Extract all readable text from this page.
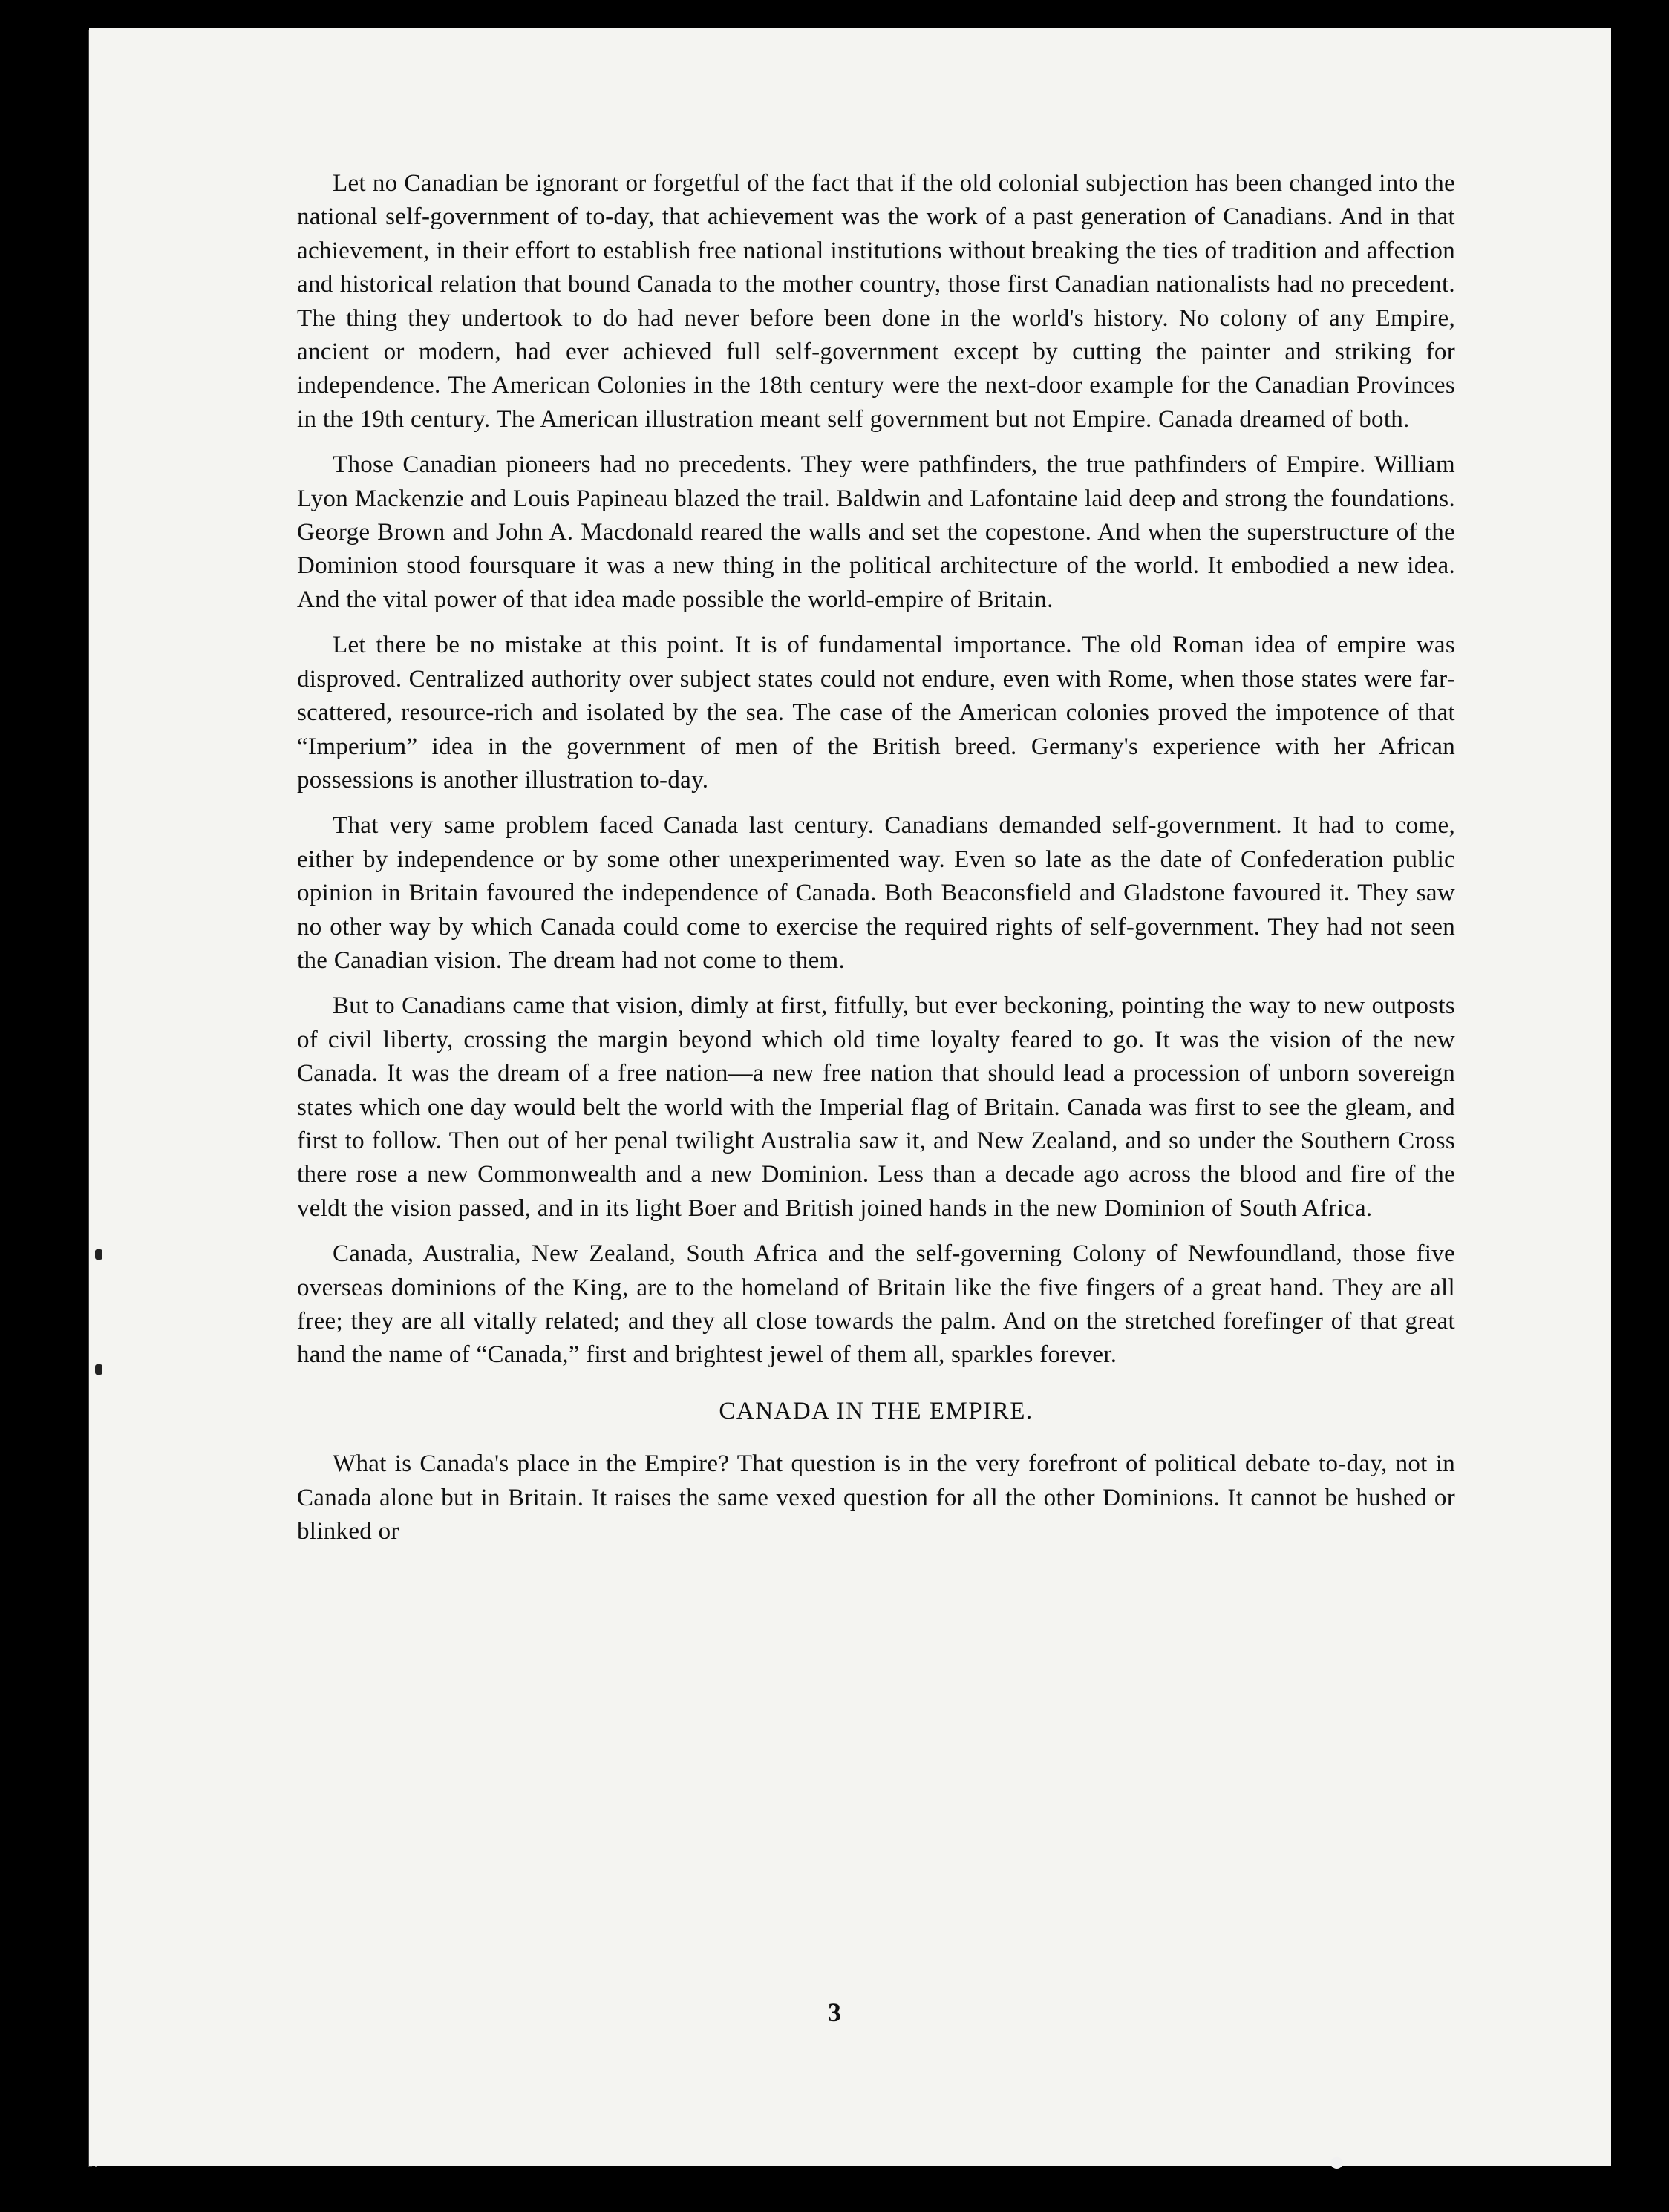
Let no Canadian be ignorant or forgetful of the fact that if the old colonial subjection has been changed into the national self-government of to-day, that achievement was the work of a past generation of Canadians. And in that achievement, in their effort to establish free national institutions without breaking the ties of tradition and affection and historical relation that bound Canada to the mother country, those first Canadian nationalists had no precedent. The thing they undertook to do had never before been done in the world's history. No colony of any Empire, ancient or modern, had ever achieved full self-government except by cutting the painter and striking for independence. The American Colonies in the 18th century were the next-door example for the Canadian Provinces in the 19th century. The American illustration meant self government but not Empire. Canada dreamed of both.

Those Canadian pioneers had no precedents. They were pathfinders, the true pathfinders of Empire. William Lyon Mackenzie and Louis Papineau blazed the trail. Baldwin and Lafontaine laid deep and strong the foundations. George Brown and John A. Macdonald reared the walls and set the copestone. And when the superstructure of the Dominion stood foursquare it was a new thing in the political architecture of the world. It embodied a new idea. And the vital power of that idea made possible the world-empire of Britain.

Let there be no mistake at this point. It is of fundamental importance. The old Roman idea of empire was disproved. Centralized authority over subject states could not endure, even with Rome, when those states were far-scattered, resource-rich and isolated by the sea. The case of the American colonies proved the impotence of that “Imperium” idea in the government of men of the British breed. Germany's experience with her African possessions is another illustration to-day.

That very same problem faced Canada last century. Canadians demanded self-government. It had to come, either by independence or by some other unexperimented way. Even so late as the date of Confederation public opinion in Britain favoured the independence of Canada. Both Beaconsfield and Gladstone favoured it. They saw no other way by which Canada could come to exercise the required rights of self-government. They had not seen the Canadian vision. The dream had not come to them.

But to Canadians came that vision, dimly at first, fitfully, but ever beckoning, pointing the way to new outposts of civil liberty, crossing the margin beyond which old time loyalty feared to go. It was the vision of the new Canada. It was the dream of a free nation—a new free nation that should lead a procession of unborn sovereign states which one day would belt the world with the Imperial flag of Britain. Canada was first to see the gleam, and first to follow. Then out of her penal twilight Australia saw it, and New Zealand, and so under the Southern Cross there rose a new Commonwealth and a new Dominion. Less than a decade ago across the blood and fire of the veldt the vision passed, and in its light Boer and British joined hands in the new Dominion of South Africa.

Canada, Australia, New Zealand, South Africa and the self-governing Colony of Newfoundland, those five overseas dominions of the King, are to the homeland of Britain like the five fingers of a great hand. They are all free; they are all vitally related; and they all close towards the palm. And on the stretched forefinger of that great hand the name of “Canada,” first and brightest jewel of them all, sparkles forever.

CANADA IN THE EMPIRE.

What is Canada's place in the Empire? That question is in the very forefront of political debate to-day, not in Canada alone but in Britain. It raises the same vexed question for all the other Dominions. It cannot be hushed or blinked or

3
•
